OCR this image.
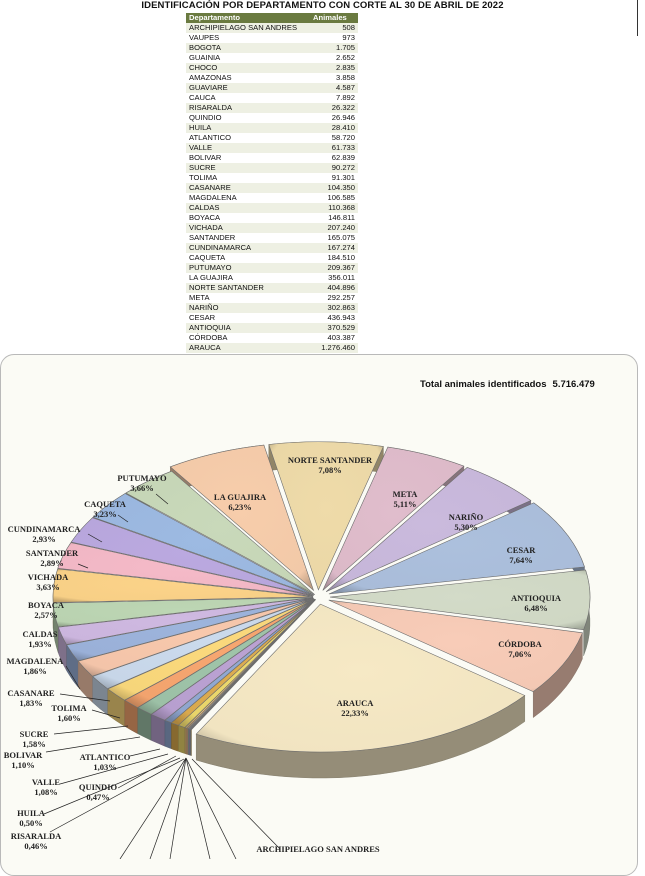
IDENTIFICACIÓN POR DEPARTAMENTO CON CORTE AL 30 DE ABRIL DE 2022
Departamento	Animales
ARCHIPIELAGO SAN ANDRES	508
VAUPES	973
BOGOTA	1.705
GUAINIA	2.652
CHOCO	2.835
AMAZONAS	3.858
GUAVIARE	4.587
CAUCA	7.892
RISARALDA	26.322
QUINDIO	26.946
HUILA	28.410
ATLANTICO	58.720
VALLE	61.733
BOLIVAR	62.839
SUCRE	90.272
TOLIMA	91.301
CASANARE	104.350
MAGDALENA	106.585
CALDAS	110.368
BOYACA	146.811
VICHADA	207.240
SANTANDER	165.075
CUNDINAMARCA	167.274
CAQUETA	184.510
PUTUMAYO	209.367
LA GUAJIRA	356.011
NORTE SANTANDER	404.896
META	292.257
NARIÑO	302.863
CESAR	436.943
ANTIOQUIA	370.529
CÓRDOBA	403.387
ARAUCA	1.276.460
Total animales identificados 5.716.479
NORTE SANTANDER
7,08%
META
5,11%
NARIÑO
5,30%
CESAR
7,64%
ANTIOQUIA
6,48%
CÓRDOBA
7,06%
ARAUCA
22,33%
ARCHIPIELAGO SAN ANDRES
RISARALDA
0,46%
HUILA
0,50%
QUINDIO
0,47%
ATLANTICO
1,03%
VALLE
1,08%
BOLIVAR
1,10%
SUCRE
1,58%
TOLIMA
1,60%
CASANARE
1,83%
MAGDALENA
1,86%
CALDAS
1,93%
BOYACA
2,57%
VICHADA
3,63%
SANTANDER
2,89%
CUNDINAMARCA
2,93%
CAQUETA
3,23%
PUTUMAYO
3,66%
LA GUAJIRA
6,23%
